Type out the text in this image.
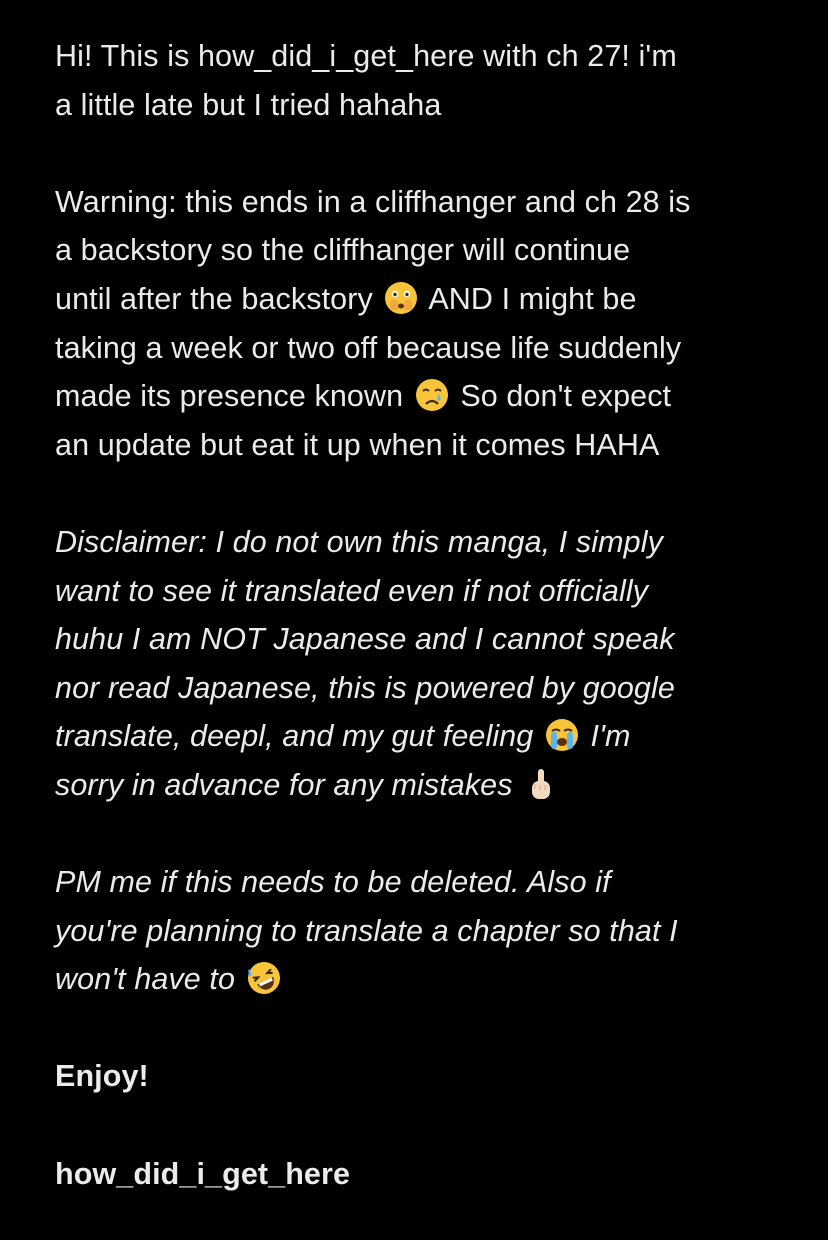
Hi! This is how_did_i_get_here with ch 27! i'm
a little late but I tried hahaha
Warning: this ends in a cliffhanger and ch 28 is
a backstory so the cliffhanger will continue
until after the backstory AND I might be
taking a week or two off because life suddenly
made its presence known So don't expect
an update but eat it up when it comes HAHA
Disclaimer: I do not own this manga, I simply
want to see it translated even if not officially
huhu I am NOT Japanese and I cannot speak
nor read Japanese, this is powered by google
translate, deepl, and my gut feeling I'm
sorry in advance for any mistakes
PM me if this needs to be deleted. Also if
you're planning to translate a chapter so that I
won't have to
Enjoy!
how_did_i_get_here
